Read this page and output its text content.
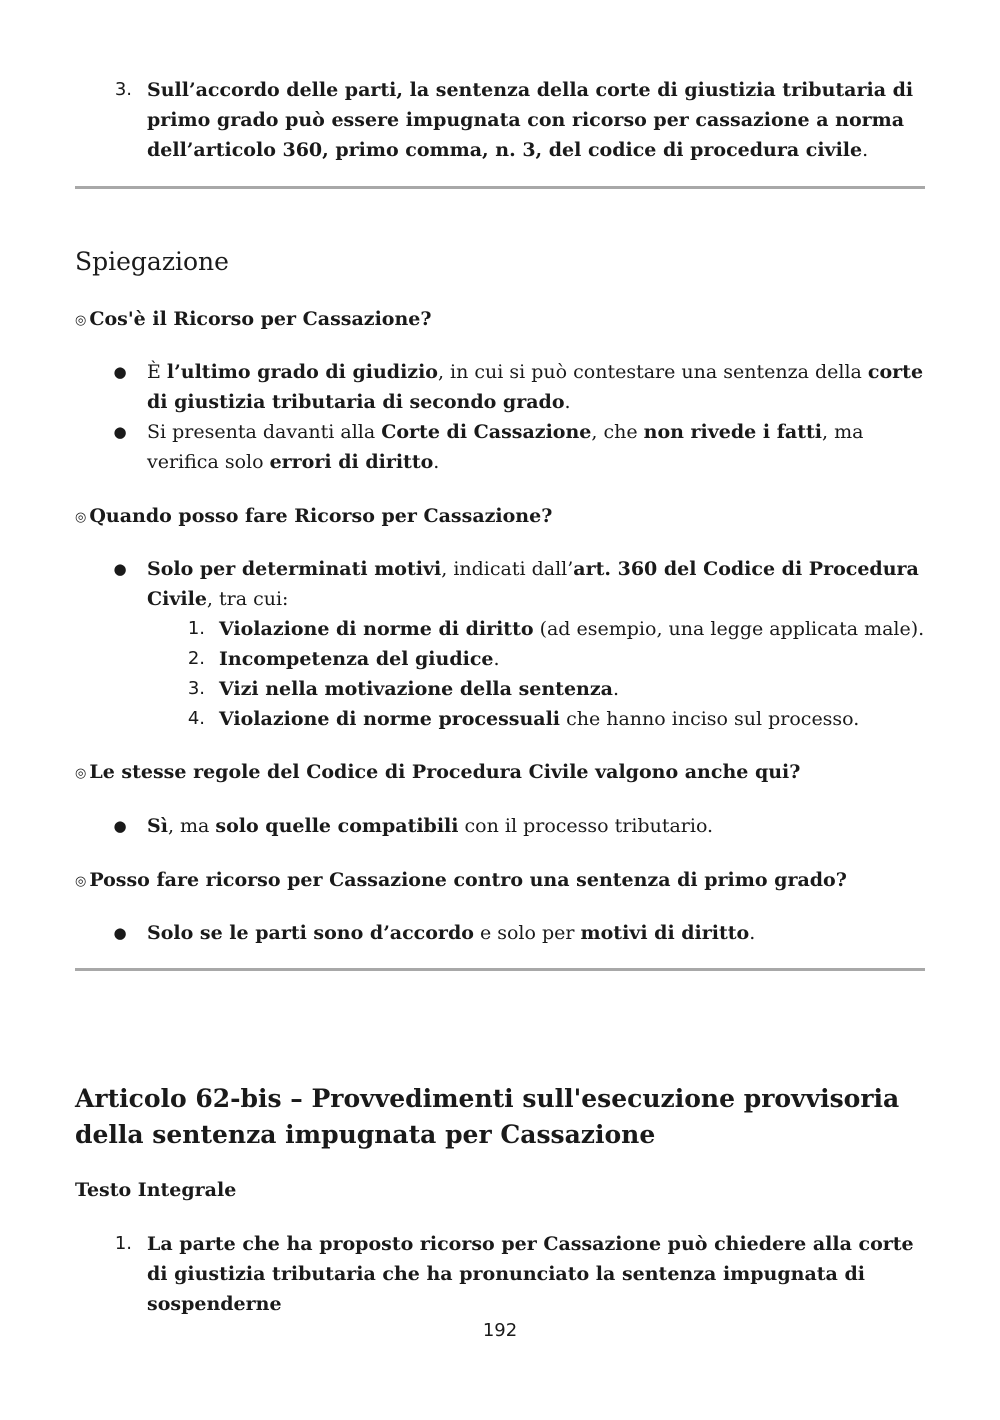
3. Sull’accordo delle parti, la sentenza della corte di giustizia tributaria di primo grado può essere impugnata con ricorso per cassazione a norma dell’articolo 360, primo comma, n. 3, del codice di procedura civile.
Spiegazione
◎ Cos'è il Ricorso per Cassazione?
● È l’ultimo grado di giudizio, in cui si può contestare una sentenza della corte di giustizia tributaria di secondo grado.
● Si presenta davanti alla Corte di Cassazione, che non rivede i fatti, ma verifica solo errori di diritto.
◎ Quando posso fare Ricorso per Cassazione?
● Solo per determinati motivi, indicati dall’art. 360 del Codice di Procedura Civile, tra cui:
1. Violazione di norme di diritto (ad esempio, una legge applicata male).
2. Incompetenza del giudice.
3. Vizi nella motivazione della sentenza.
4. Violazione di norme processuali che hanno inciso sul processo.
◎ Le stesse regole del Codice di Procedura Civile valgono anche qui?
● Sì, ma solo quelle compatibili con il processo tributario.
◎ Posso fare ricorso per Cassazione contro una sentenza di primo grado?
● Solo se le parti sono d’accordo e solo per motivi di diritto.
Articolo 62-bis – Provvedimenti sull'esecuzione provvisoria della sentenza impugnata per Cassazione
Testo Integrale
1. La parte che ha proposto ricorso per Cassazione può chiedere alla corte di giustizia tributaria che ha pronunciato la sentenza impugnata di sospenderne
192
